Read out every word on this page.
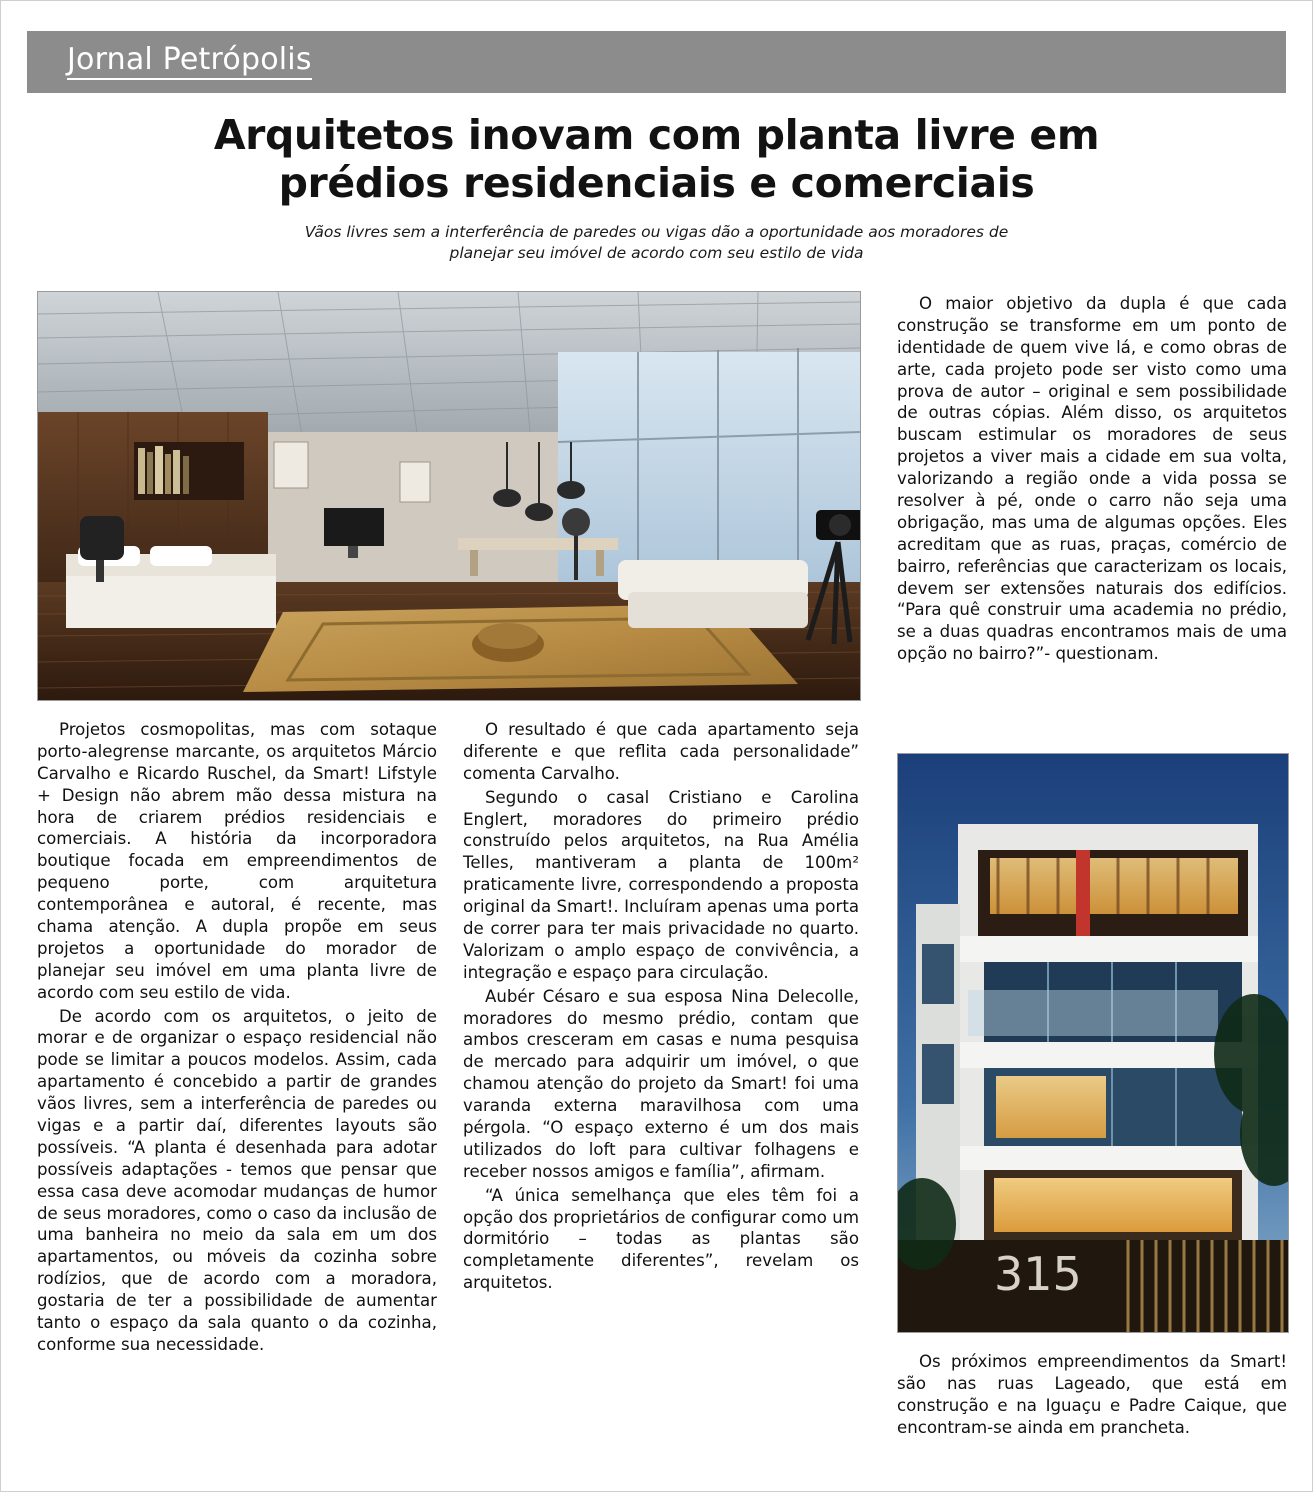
Jornal Petrópolis
Arquitetos inovam com planta livre em prédios residenciais e comerciais
Vãos livres sem a interferência de paredes ou vigas dão a oportunidade aos moradores de planejar seu imóvel de acordo com seu estilo de vida
315

Projetos cosmopolitas, mas com sotaque porto-alegrense marcante, os arquitetos Márcio Carvalho e Ricardo Ruschel, da Smart! Lifstyle + Design não abrem mão dessa mistura na hora de criarem prédios residenciais e comerciais. A história da incorporadora boutique focada em empreendimentos de pequeno porte, com arquitetura contemporânea e autoral, é recente, mas chama atenção. A dupla propõe em seus projetos a oportunidade do morador de planejar seu imóvel em uma planta livre de acordo com seu estilo de vida.

De acordo com os arquitetos, o jeito de morar e de organizar o espaço residencial não pode se limitar a poucos modelos. Assim, cada apartamento é concebido a partir de grandes vãos livres, sem a interferência de paredes ou vigas e a partir daí, diferentes layouts são possíveis. “A planta é desenhada para adotar possíveis adaptações - temos que pensar que essa casa deve acomodar mudanças de humor de seus moradores, como o caso da inclusão de uma banheira no meio da sala em um dos apartamentos, ou móveis da cozinha sobre rodízios, que de acordo com a moradora, gostaria de ter a possibilidade de aumentar tanto o espaço da sala quanto o da cozinha, conforme sua necessidade.

O resultado é que cada apartamento seja diferente e que reflita cada personalidade” comenta Carvalho.

Segundo o casal Cristiano e Carolina Englert, moradores do primeiro prédio construído pelos arquitetos, na Rua Amélia Telles, mantiveram a planta de 100m² praticamente livre, correspondendo a proposta original da Smart!. Incluíram apenas uma porta de correr para ter mais privacidade no quarto. Valorizam o amplo espaço de convivência, a integração e espaço para circulação.

Aubér Césaro e sua esposa Nina Delecolle, moradores do mesmo prédio, contam que ambos cresceram em casas e numa pesquisa de mercado para adquirir um imóvel, o que chamou atenção do projeto da Smart! foi uma varanda externa maravilhosa com uma pérgola. “O espaço externo é um dos mais utilizados do loft para cultivar folhagens e receber nossos amigos e família”, afirmam.

“A única semelhança que eles têm foi a opção dos proprietários de configurar como um dormitório – todas as plantas são completamente diferentes”, revelam os arquitetos.

O maior objetivo da dupla é que cada construção se transforme em um ponto de identidade de quem vive lá, e como obras de arte, cada projeto pode ser visto como uma prova de autor – original e sem possibilidade de outras cópias. Além disso, os arquitetos buscam estimular os moradores de seus projetos a viver mais a cidade em sua volta, valorizando a região onde a vida possa se resolver à pé, onde o carro não seja uma obrigação, mas uma de algumas opções. Eles acreditam que as ruas, praças, comércio de bairro, referências que caracterizam os locais, devem ser extensões naturais dos edifícios. “Para quê construir uma academia no prédio, se a duas quadras encontramos mais de uma opção no bairro?”- questionam.

Os próximos empreendimentos da Smart! são nas ruas Lageado, que está em construção e na Iguaçu e Padre Caique, que encontram-se ainda em prancheta.
